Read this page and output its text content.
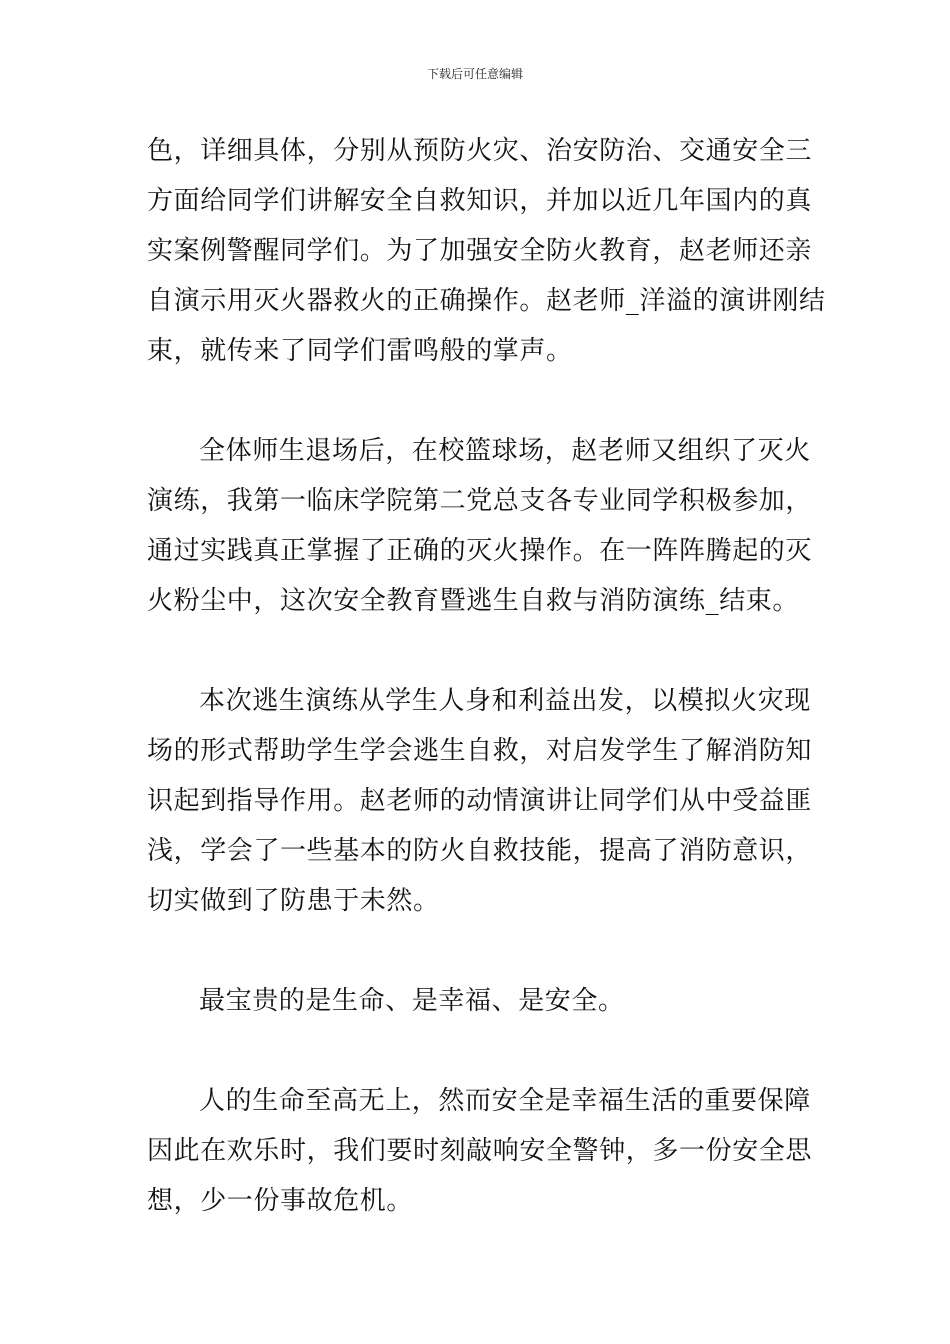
下载后可任意编辑
色，详细具体，分别从预防火灾、治安防治、交通安全三
方面给同学们讲解安全自救知识，并加以近几年国内的真
实案例警醒同学们。为了加强安全防火教育，赵老师还亲
自演示用灭火器救火的正确操作。赵老师_洋溢的演讲刚结
束，就传来了同学们雷鸣般的掌声。
全体师生退场后，在校篮球场，赵老师又组织了灭火
演练，我第一临床学院第二党总支各专业同学积极参加，
通过实践真正掌握了正确的灭火操作。在一阵阵腾起的灭
火粉尘中，这次安全教育暨逃生自救与消防演练_结束。
本次逃生演练从学生人身和利益出发，以模拟火灾现
场的形式帮助学生学会逃生自救，对启发学生了解消防知
识起到指导作用。赵老师的动情演讲让同学们从中受益匪
浅，学会了一些基本的防火自救技能，提高了消防意识，
切实做到了防患于未然。
最宝贵的是生命、是幸福、是安全。
人的生命至高无上，然而安全是幸福生活的重要保障
因此在欢乐时，我们要时刻敲响安全警钟，多一份安全思
想，少一份事故危机。
